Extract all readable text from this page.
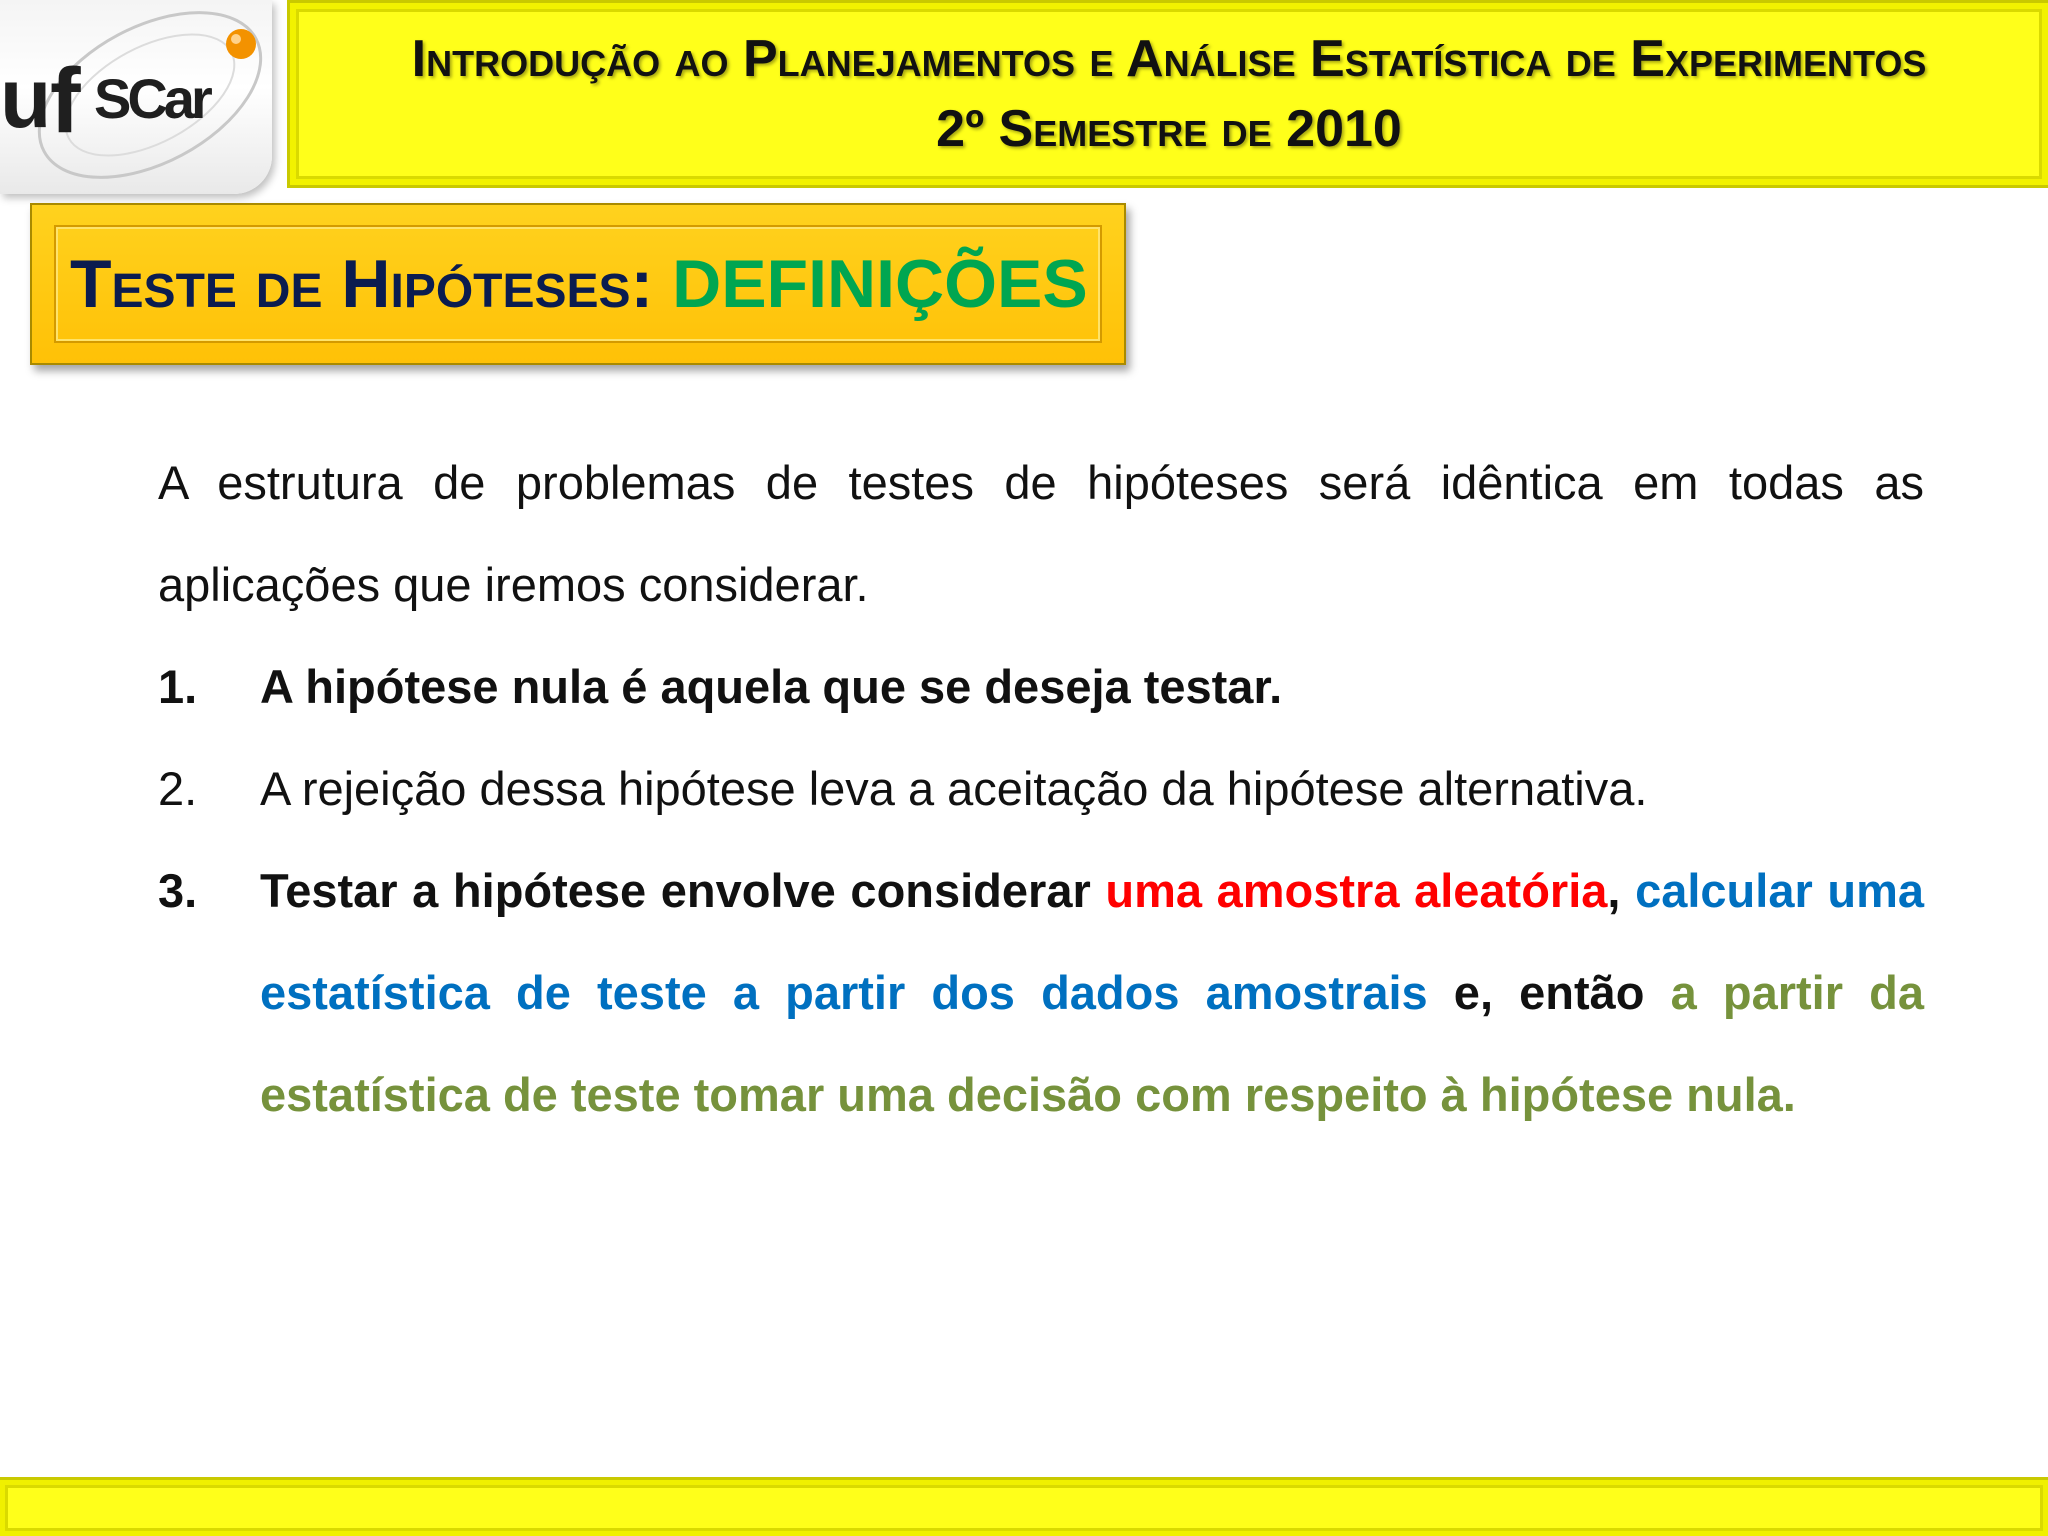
u
f SCar
Introdução ao Planejamentos e Análise Estatística de Experimentos
2º Semestre de 2010
Teste de Hipóteses: DEFINIÇÕES

A estrutura de problemas de testes de hipóteses será idêntica em todas as aplicações que iremos considerar.

1.	A hipótese nula é aquela que se deseja testar.
2.	A rejeição dessa hipótese leva a aceitação da hipótese alternativa.
3.	Testar a hipótese envolve considerar uma amostra aleatória, calcular uma estatística de teste a partir dos dados amostrais e, então a partir da estatística de teste tomar uma decisão com respeito à hipótese nula.
